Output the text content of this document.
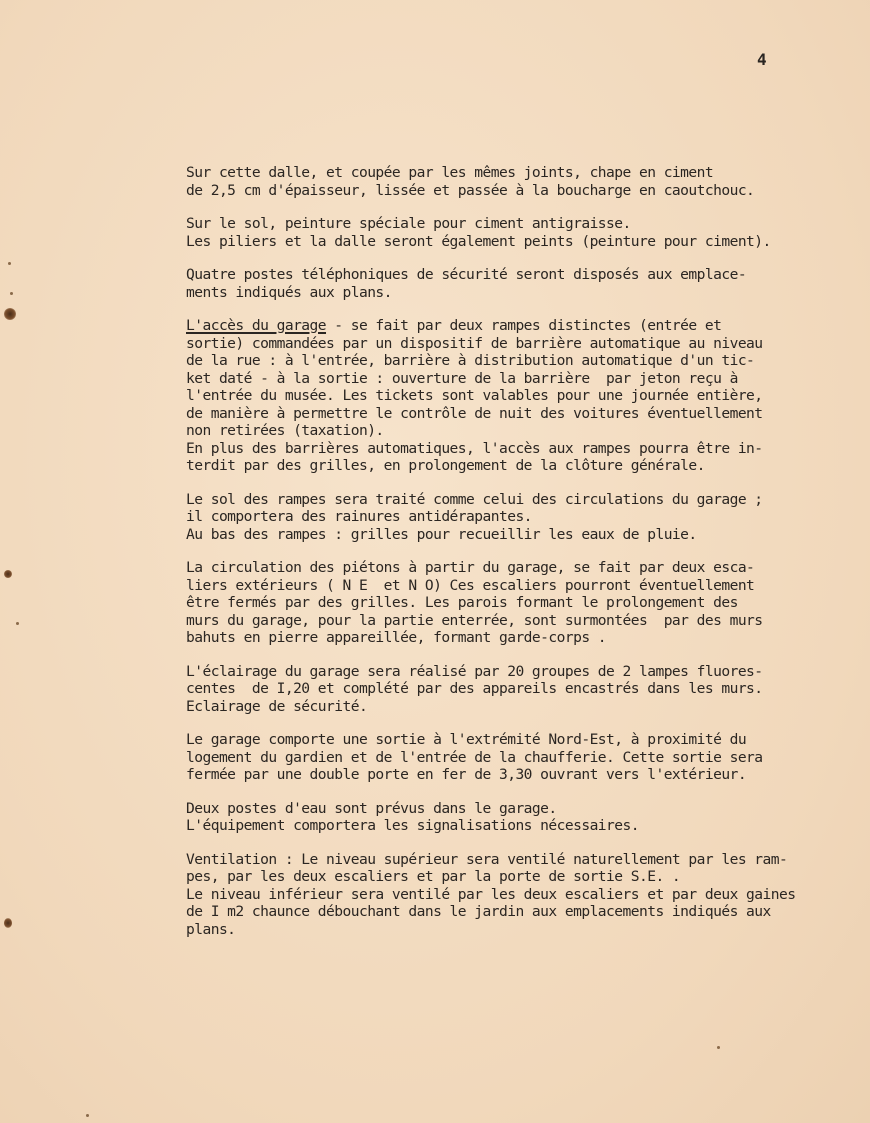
4
Sur cette dalle, et coupée par les mêmes joints, chape en ciment
de 2,5 cm d'épaisseur, lissée et passée à la boucharge en caoutchouc.
Sur le sol, peinture spéciale pour ciment antigraisse.
Les piliers et la dalle seront également peints (peinture pour ciment).
Quatre postes téléphoniques de sécurité seront disposés aux emplace-
ments indiqués aux plans.
L'accès du garage - se fait par deux rampes distinctes (entrée et
sortie) commandées par un dispositif de barrière automatique au niveau
de la rue : à l'entrée, barrière à distribution automatique d'un tic-
ket daté - à la sortie : ouverture de la barrière  par jeton reçu à
l'entrée du musée. Les tickets sont valables pour une journée entière,
de manière à permettre le contrôle de nuit des voitures éventuellement
non retirées (taxation).
En plus des barrières automatiques, l'accès aux rampes pourra être in-
terdit par des grilles, en prolongement de la clôture générale.
Le sol des rampes sera traité comme celui des circulations du garage ;
il comportera des rainures antidérapantes.
Au bas des rampes : grilles pour recueillir les eaux de pluie.
La circulation des piétons à partir du garage, se fait par deux esca-
liers extérieurs ( N E  et N O) Ces escaliers pourront éventuellement
être fermés par des grilles. Les parois formant le prolongement des
murs du garage, pour la partie enterrée, sont surmontées  par des murs
bahuts en pierre appareillée, formant garde-corps .
L'éclairage du garage sera réalisé par 20 groupes de 2 lampes fluores-
centes  de I,20 et complété par des appareils encastrés dans les murs.
Eclairage de sécurité.
Le garage comporte une sortie à l'extrémité Nord-Est, à proximité du
logement du gardien et de l'entrée de la chaufferie. Cette sortie sera
fermée par une double porte en fer de 3,30 ouvrant vers l'extérieur.
Deux postes d'eau sont prévus dans le garage.
L'équipement comportera les signalisations nécessaires.
Ventilation : Le niveau supérieur sera ventilé naturellement par les ram-
pes, par les deux escaliers et par la porte de sortie S.E. .
Le niveau inférieur sera ventilé par les deux escaliers et par deux gaines
de I m2 chaunce débouchant dans le jardin aux emplacements indiqués aux
plans.
